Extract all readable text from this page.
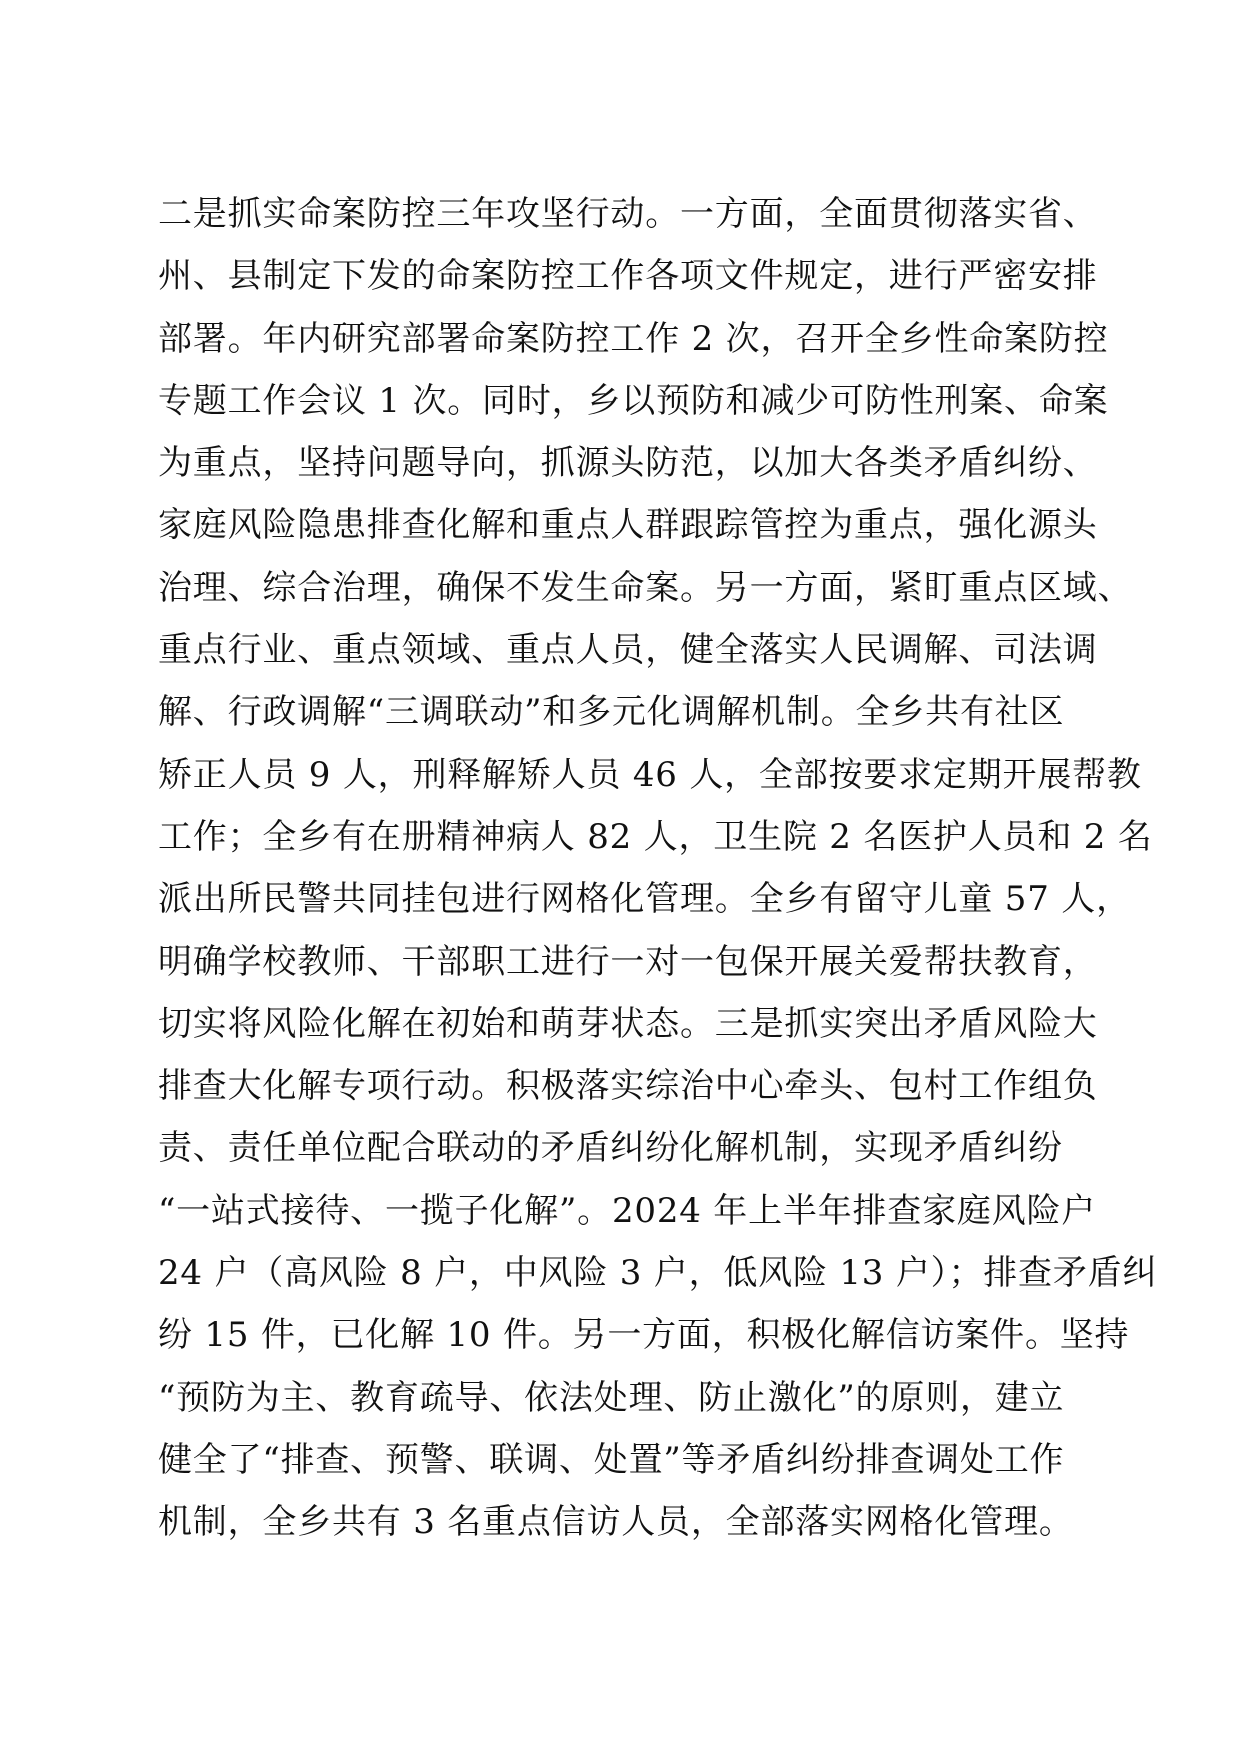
二是抓实命案防控三年攻坚行动。一方面，全面贯彻落实省、
州、县制定下发的命案防控工作各项文件规定，进行严密安排
部署。年内研究部署命案防控工作 2 次，召开全乡性命案防控
专题工作会议 1 次。同时，乡以预防和减少可防性刑案、命案
为重点，坚持问题导向，抓源头防范，以加大各类矛盾纠纷、
家庭风险隐患排查化解和重点人群跟踪管控为重点，强化源头
治理、综合治理，确保不发生命案。另一方面，紧盯重点区域、
重点行业、重点领域、重点人员，健全落实人民调解、司法调
解、行政调解“三调联动”和多元化调解机制。全乡共有社区
矫正人员 9 人，刑释解矫人员 46 人，全部按要求定期开展帮教
工作；全乡有在册精神病人 82 人，卫生院 2 名医护人员和 2 名
派出所民警共同挂包进行网格化管理。全乡有留守儿童 57 人，
明确学校教师、干部职工进行一对一包保开展关爱帮扶教育，
切实将风险化解在初始和萌芽状态。三是抓实突出矛盾风险大
排查大化解专项行动。积极落实综治中心牵头、包村工作组负
责、责任单位配合联动的矛盾纠纷化解机制，实现矛盾纠纷
“一站式接待、一揽子化解”。2024 年上半年排查家庭风险户
24 户（高风险 8 户，中风险 3 户，低风险 13 户）；排查矛盾纠
纷 15 件，已化解 10 件。另一方面，积极化解信访案件。坚持
“预防为主、教育疏导、依法处理、防止激化”的原则，建立
健全了“排查、预警、联调、处置”等矛盾纠纷排查调处工作
机制，全乡共有 3 名重点信访人员，全部落实网格化管理。
